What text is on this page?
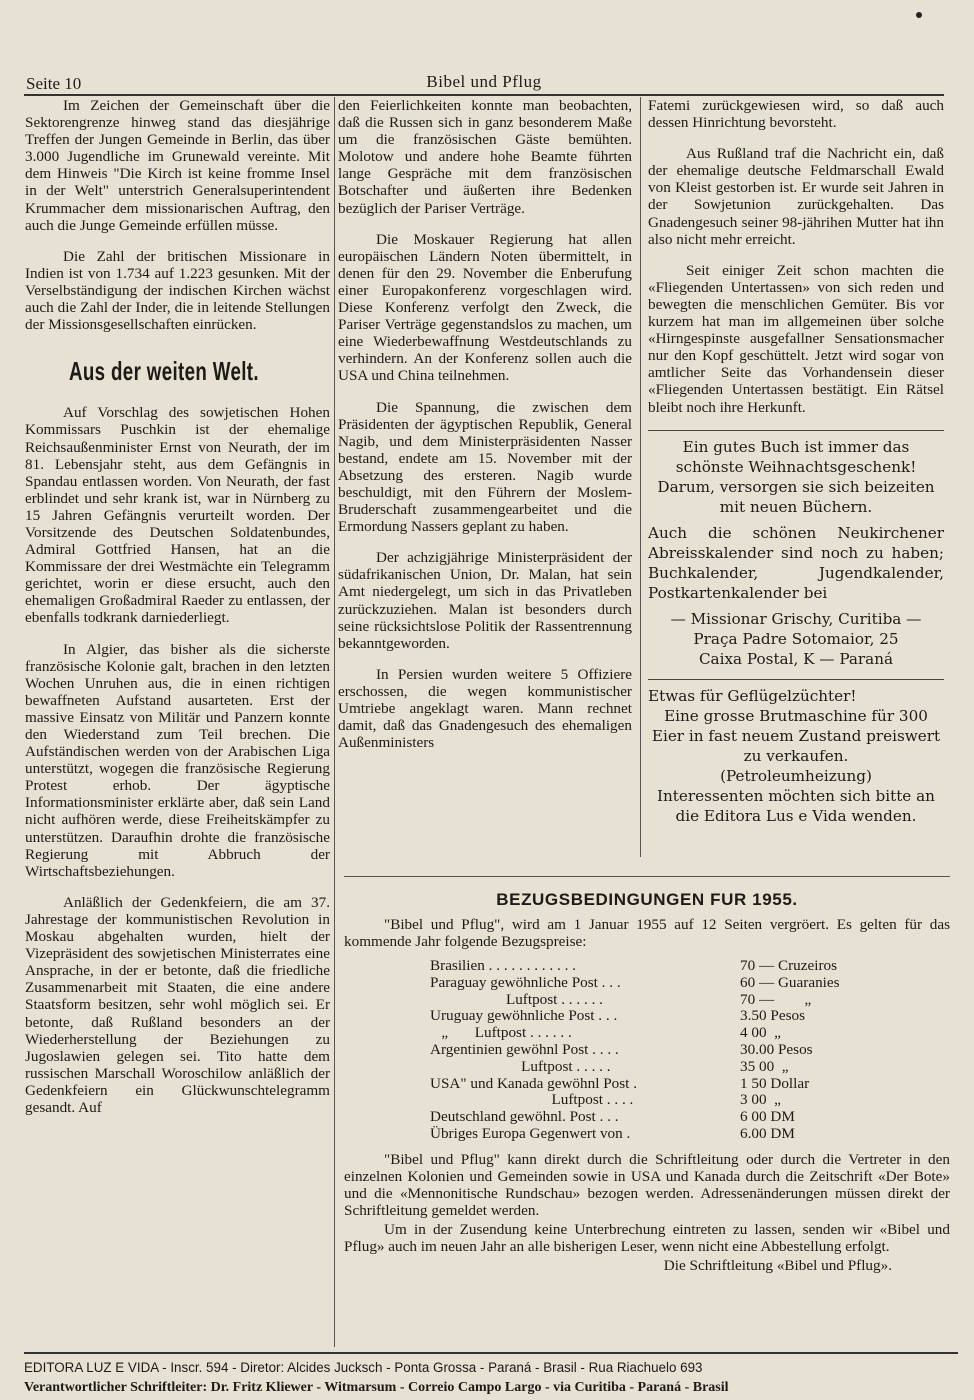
Seite 10	Bibel und Pflug

Im Zeichen der Gemeinschaft über die Sektorengrenze hinweg stand das diesjährige Treffen der Jungen Gemeinde in Berlin, das über 3.000 Jugendliche im Grunewald vereinte. Mit dem Hinweis "Die Kirch ist keine fromme Insel in der Welt" unterstrich Generalsuperintendent Krummacher dem missionarischen Auftrag, den auch die Junge Gemeinde erfüllen müsse.

Die Zahl der britischen Missionare in Indien ist von 1.734 auf 1.223 gesunken. Mit der Verselbständigung der indischen Kirchen wächst auch die Zahl der Inder, die in leitende Stellungen der Missionsgesellschaften einrücken.

Aus der weiten Welt.

Auf Vorschlag des sowjetischen Hohen Kommissars Puschkin ist der ehemalige Reichsaußenminister Ernst von Neurath, der im 81. Lebensjahr steht, aus dem Gefängnis in Spandau entlassen worden. Von Neurath, der fast erblindet und sehr krank ist, war in Nürnberg zu 15 Jahren Gefängnis verurteilt worden. Der Vorsitzende des Deutschen Soldatenbundes, Admiral Gottfried Hansen, hat an die Kommissare der drei Westmächte ein Telegramm gerichtet, worin er diese ersucht, auch den ehemaligen Großadmiral Raeder zu entlassen, der ebenfalls todkrank darniederliegt.

In Algier, das bisher als die sicherste französische Kolonie galt, brachen in den letzten Wochen Unruhen aus, die in einen richtigen bewaffneten Aufstand ausarteten. Erst der massive Einsatz von Militär und Panzern konnte den Wiederstand zum Teil brechen. Die Aufständischen werden von der Arabischen Liga unterstützt, wogegen die französische Regierung Protest erhob. Der ägyptische Informationsminister erklärte aber, daß sein Land nicht aufhören werde, diese Freiheitskämpfer zu unterstützen. Daraufhin drohte die französische Regierung mit Abbruch der Wirtschaftsbeziehungen.

Anläßlich der Gedenkfeiern, die am 37. Jahrestage der kommunistischen Revolution in Moskau abgehalten wurden, hielt der Vizepräsident des sowjetischen Ministerrates eine Ansprache, in der er betonte, daß die friedliche Zusammenarbeit mit Staaten, die eine andere Staatsform besitzen, sehr wohl möglich sei. Er betonte, daß Rußland besonders an der Wiederherstellung der Beziehungen zu Jugoslawien gelegen sei. Tito hatte dem russischen Marschall Woroschilow anläßlich der Gedenkfeiern ein Glückwunschtelegramm gesandt. Auf

den Feierlichkeiten konnte man beobachten, daß die Russen sich in ganz besonderem Maße um die französischen Gäste bemühten. Molotow und andere hohe Beamte führten lange Gespräche mit dem französischen Botschafter und äußerten ihre Bedenken bezüglich der Pariser Verträge.

Die Moskauer Regierung hat allen europäischen Ländern Noten übermittelt, in denen für den 29. November die Enberufung einer Europakonferenz vorgeschlagen wird. Diese Konferenz verfolgt den Zweck, die Pariser Verträge gegenstandslos zu machen, um eine Wiederbewaffnung Westdeutschlands zu verhindern. An der Konferenz sollen auch die USA und China teilnehmen.

Die Spannung, die zwischen dem Präsidenten der ägyptischen Republik, General Nagib, und dem Ministerpräsidenten Nasser bestand, endete am 15. November mit der Absetzung des ersteren. Nagib wurde beschuldigt, mit den Führern der Moslem-Bruderschaft zusammengearbeitet und die Ermordung Nassers geplant zu haben.

Der achzigjährige Ministerpräsident der südafrikanischen Union, Dr. Malan, hat sein Amt niedergelegt, um sich in das Privatleben zurückzuziehen. Malan ist besonders durch seine rücksichtslose Politik der Rassentrennung bekanntgeworden.

In Persien wurden weitere 5 Offiziere erschossen, die wegen kommunistischer Umtriebe angeklagt waren. Mann rechnet damit, daß das Gnadengesuch des ehemaligen Außenministers

Fatemi zurückgewiesen wird, so daß auch dessen Hinrichtung bevorsteht.

Aus Rußland traf die Nachricht ein, daß der ehemalige deutsche Feldmarschall Ewald von Kleist gestorben ist. Er wurde seit Jahren in der Sowjetunion zurückgehalten. Das Gnadengesuch seiner 98-jährihen Mutter hat ihn also nicht mehr erreicht.

Seit einiger Zeit schon machten die «Fliegenden Untertassen» von sich reden und bewegten die menschlichen Gemüter. Bis vor kurzem hat man im allgemeinen über solche «Hirngespinste ausgefallner Sensationsmacher nur den Kopf geschüttelt. Jetzt wird sogar von amtlicher Seite das Vorhandensein dieser «Fliegenden Untertassen bestätigt. Ein Rätsel bleibt noch ihre Herkunft.

Ein gutes Buch ist immer das

schönste Weihnachtsgeschenk!

Darum, versorgen sie sich beizeiten mit neuen Büchern.

Auch die schönen Neukirchener Abreisskalender sind noch zu haben; Buchkalender, Jugendkalender, Postkartenkalender bei

— Missionar Grischy, Curitiba —

Praça Padre Sotomaior, 25

Caixa Postal, K — Paraná

Etwas für Geflügelzüchter!

Eine grosse Brutmaschine für 300 Eier in fast neuem Zustand preiswert zu verkaufen.

(Petroleumheizung)

Interessenten möchten sich bitte an die Editora Lus e Vida wenden.

BEZUGSBEDINGUNGEN FUR 1955.

"Bibel und Pflug", wird am 1 Januar 1955 auf 12 Seiten vergröert. Es gelten für das kommende Jahr folgende Bezugspreise:

Brasilien . . . . . . . . . . . .	70 — Cruzeiros
Paraguay gewöhnliche Post . . .	60 — Guaranies
Luftpost . . . . . .	70 —        „
Uruguay gewöhnliche Post . . .	3.50 Pesos
„       Luftpost . . . . . .	4 00  „
Argentinien gewöhnl Post . . . .	30.00 Pesos
Luftpost . . . . .	35 00  „
USA" und Kanada gewöhnl Post .	1 50 Dollar
Luftpost . . . .	3 00  „
Deutschland gewöhnl. Post . . .	6 00 DM
Übriges Europa Gegenwert von .	6.00 DM

"Bibel und Pflug" kann direkt durch die Schriftleitung oder durch die Vertreter in den einzelnen Kolonien und Gemeinden sowie in USA und Kanada durch die Zeitschrift «Der Bote» und die «Mennonitische Rundschau» bezogen werden. Adressenänderungen müssen direkt der Schriftleitung gemeldet werden.

Um in der Zusendung keine Unterbrechung eintreten zu lassen, senden wir «Bibel und Pflug» auch im neuen Jahr an alle bisherigen Leser, wenn nicht eine Abbestellung erfolgt.

Die Schriftleitung «Bibel und Pflug».

EDITORA LUZ E VIDA - Inscr. 594 - Diretor: Alcides Jucksch - Ponta Grossa - Paraná - Brasil - Rua Riachuelo 693
Verantwortlicher Schriftleiter: Dr. Fritz Kliewer - Witmarsum - Correio Campo Largo - via Curitiba - Paraná - Brasil
